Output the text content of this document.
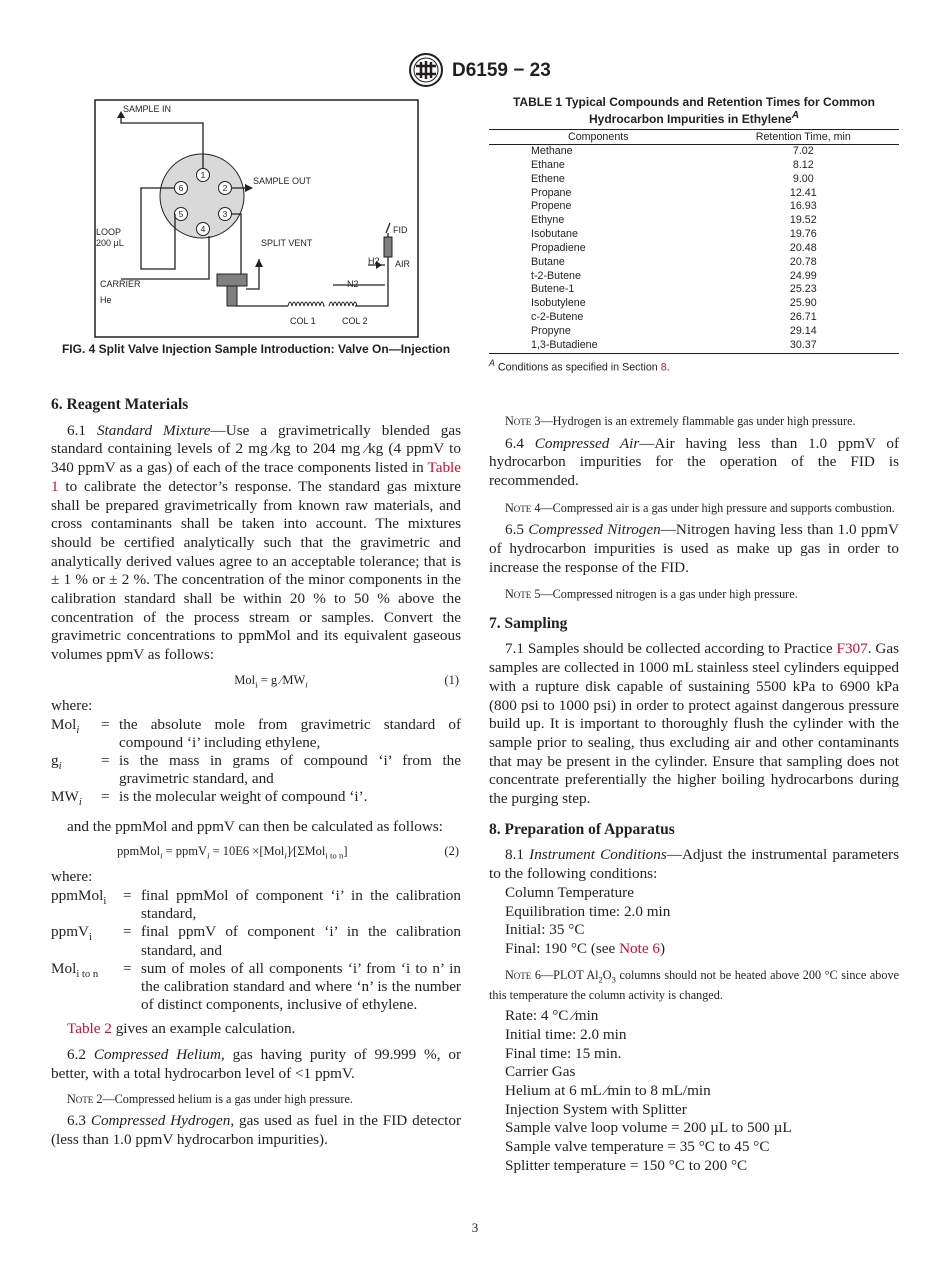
D6159 − 23
1
2
3
4
5
6
SAMPLE IN
SAMPLE OUT
LOOP
200 µL	SPLIT VENT
CARRIER
He
FID
H2 AIR
N2
COL 1	COL 2
FIG. 4 Split Valve Injection Sample Introduction: Valve On—Injection
TABLE 1 Typical Compounds and Retention Times for Common Hydrocarbon Impurities in Ethylene$^A$
Components	Retention Time, min
Methane	7.02
Ethane	8.12
Ethene	9.00
Propane	12.41
Propene	16.93
Ethyne	19.52
Isobutane	19.76
Propadiene	20.48
Butane	20.78
t-2-Butene	24.99
Butene-1	25.23
Isobutylene	25.90
c-2-Butene	26.71
Propyne	29.14
1,3-Butadiene	30.37
$^A$ Conditions as specified in Section 8.
6. Reagent Materials

6.1 Standard Mixture—Use a gravimetrically blended gas standard containing levels of 2 mg ⁄kg to 204 mg ⁄kg (4 ppmV to 340 ppmV as a gas) of each of the trace components listed in Table 1 to calibrate the detector’s response. The standard gas mixture shall be prepared gravimetrically from known raw materials, and cross contaminants shall be taken into account. The mixtures should be certified analytically such that the gravimetric and analytically derived values agree to an acceptable tolerance; that is ± 1 % or ± 2 %. The concentration of the minor components in the calibration standard shall be within 20 % to 50 % above the concentration of the process stream or samples. Convert the gravimetric concentrations to ppmMol and its equivalent gaseous volumes ppmV as follows:

Mol$_i$ = g $⁄MW_i$	(1)

where:

Mol$_i$	=	the absolute mole from gravimetric standard of compound ‘i’ including ethylene,
$g_i$	=	is the mass in grams of compound ‘i’ from the gravimetric standard, and
$MW_i$	=	is the molecular weight of compound ‘i’.

and the ppmMol and ppmV can then be calculated as follows:

ppmMol$_i$ = ppmV$_i$ = 10E6 ×[Mol$_i$]⁄[ΣMol$_{i to n}$]	(2)

where:

ppmMol$_i$	=	final ppmMol of component ‘i’ in the calibration standard,
ppmV$_i$	=	final ppmV of component ‘i’ in the calibration standard, and
Mol$_{i to n}$	=	sum of moles of all components ‘i’ from ‘i to n’ in the calibration standard and where ‘n’ is the number of distinct components, inclusive of ethylene.

Table 2 gives an example calculation.

6.2 Compressed Helium, gas having purity of 99.999 %, or better, with a total hydrocarbon level of <1 ppmV.

Note 2—Compressed helium is a gas under high pressure.

6.3 Compressed Hydrogen, gas used as fuel in the FID detector (less than 1.0 ppmV hydrocarbon impurities).

Note 3—Hydrogen is an extremely flammable gas under high pressure.

6.4 Compressed Air—Air having less than 1.0 ppmV of hydrocarbon impurities for the operation of the FID is recommended.

Note 4—Compressed air is a gas under high pressure and supports combustion.

6.5 Compressed Nitrogen—Nitrogen having less than 1.0 ppmV of hydrocarbon impurities is used as make up gas in order to increase the response of the FID.

Note 5—Compressed nitrogen is a gas under high pressure.

7. Sampling

7.1 Samples should be collected according to Practice F307. Gas samples are collected in 1000 mL stainless steel cylinders equipped with a rupture disk capable of sustaining 5500 kPa to 6900 kPa (800 psi to 1000 psi) in order to protect against dangerous pressure build up. It is important to thoroughly flush the cylinder with the sample prior to sealing, thus excluding air and other contaminants that may be present in the cylinder. Ensure that sampling does not concentrate preferentially the higher boiling hydrocarbons during the purging step.

8. Preparation of Apparatus

8.1 Instrument Conditions—Adjust the instrumental parameters to the following conditions:

Column Temperature

Equilibration time: 2.0 min

Initial: 35 °C

Final: 190 °C (see Note 6)

Note 6—PLOT $Al_2O_3$ columns should not be heated above 200 °C since above this temperature the column activity is changed.

Rate: 4 °C ⁄min

Initial time: 2.0 min

Final time: 15 min.

Carrier Gas

Helium at 6 mL ⁄min to 8 mL/min

Injection System with Splitter

Sample valve loop volume = 200 µL to 500 µL

Sample valve temperature = 35 °C to 45 °C

Splitter temperature = 150 °C to 200 °C

3
